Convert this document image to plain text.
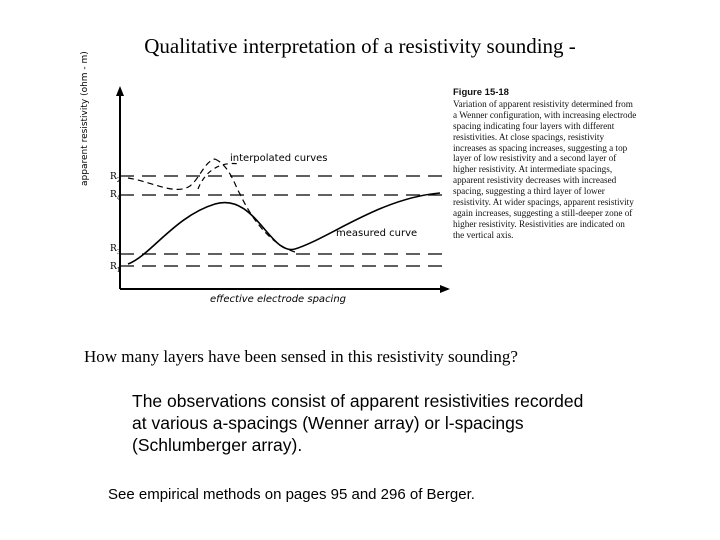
Qualitative interpretation of a resistivity sounding -
$R_2$
$R_4$
$R_3$
$R_1$
interpolated curves
measured curve
effective electrode spacing
apparent resistivity (ohm - m)	Figure 15-18
Variation of apparent resistivity determined from a Wenner configuration, with increasing electrode spacing indicating four layers with different resistivities. At close spacings, resistivity increases as spacing increases, suggesting a top layer of low resistivity and a second layer of higher resistivity. At intermediate spacings, apparent resistivity decreases with increased spacing, suggesting a third layer of lower resistivity. At wider spacings, apparent resistivity again increases, suggesting a still-deeper zone of higher resistivity. Resistivities are indicated on the vertical axis.
How many layers have been sensed in this resistivity sounding?
The observations consist of apparent resistivities recorded at various a-spacings (Wenner array) or l-spacings (Schlumberger array).
See empirical methods on pages 95 and 296 of Berger.
